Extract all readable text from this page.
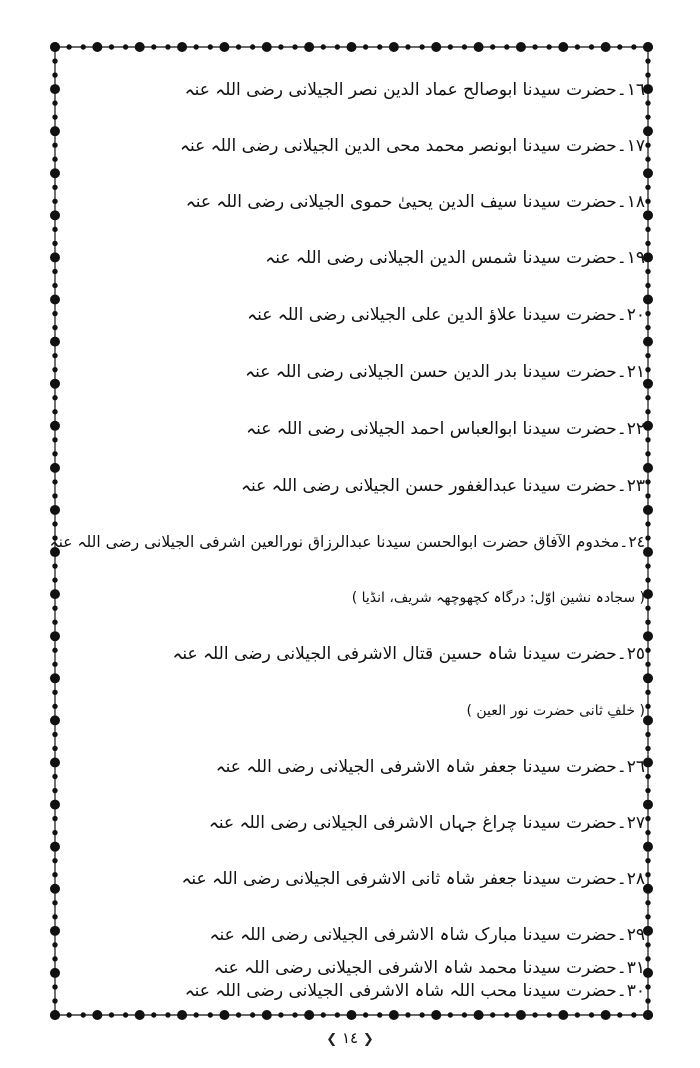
١٦۔حضرت سیدنا ابوصالح عماد الدین نصر الجیلانی رضی اللہ عنہ
١٧۔حضرت سیدنا ابونصر محمد محی الدین الجیلانی رضی اللہ عنہ
١٨۔حضرت سیدنا سیف الدین یحییٰ حموی الجیلانی رضی اللہ عنہ
١٩۔حضرت سیدنا شمس الدین الجیلانی رضی اللہ عنہ
٢٠۔حضرت سیدنا علاؤ الدین علی الجیلانی رضی اللہ عنہ
٢١۔حضرت سیدنا بدر الدین حسن الجیلانی رضی اللہ عنہ
٢٢۔حضرت سیدنا ابوالعباس احمد الجیلانی رضی اللہ عنہ
٢٣۔حضرت سیدنا عبدالغفور حسن الجیلانی رضی اللہ عنہ
٢٤۔مخدوم الآفاق حضرت ابوالحسن سیدنا عبدالرزاق نورالعین اشرفی الجیلانی رضی اللہ عنہ
( سجادہ نشین اوّل: درگاہ کچھوچھہ شریف، انڈیا )
٢٥۔حضرت سیدنا شاہ حسین قتال الاشرفی الجیلانی رضی اللہ عنہ
( خلفِ ثانی حضرت نور العین )
٢٦۔حضرت سیدنا جعفر شاہ الاشرفی الجیلانی رضی اللہ عنہ
٢٧۔حضرت سیدنا چراغ جہاں الاشرفی الجیلانی رضی اللہ عنہ
٢٨۔حضرت سیدنا جعفر شاہ ثانی الاشرفی الجیلانی رضی اللہ عنہ
٢٩۔حضرت سیدنا مبارک شاہ الاشرفی الجیلانی رضی اللہ عنہ
٣٠۔حضرت سیدنا محب اللہ شاہ الاشرفی الجیلانی رضی اللہ عنہ
٣١۔حضرت سیدنا محمد شاہ الاشرفی الجیلانی رضی اللہ عنہ
❮ ١٤ ❯
